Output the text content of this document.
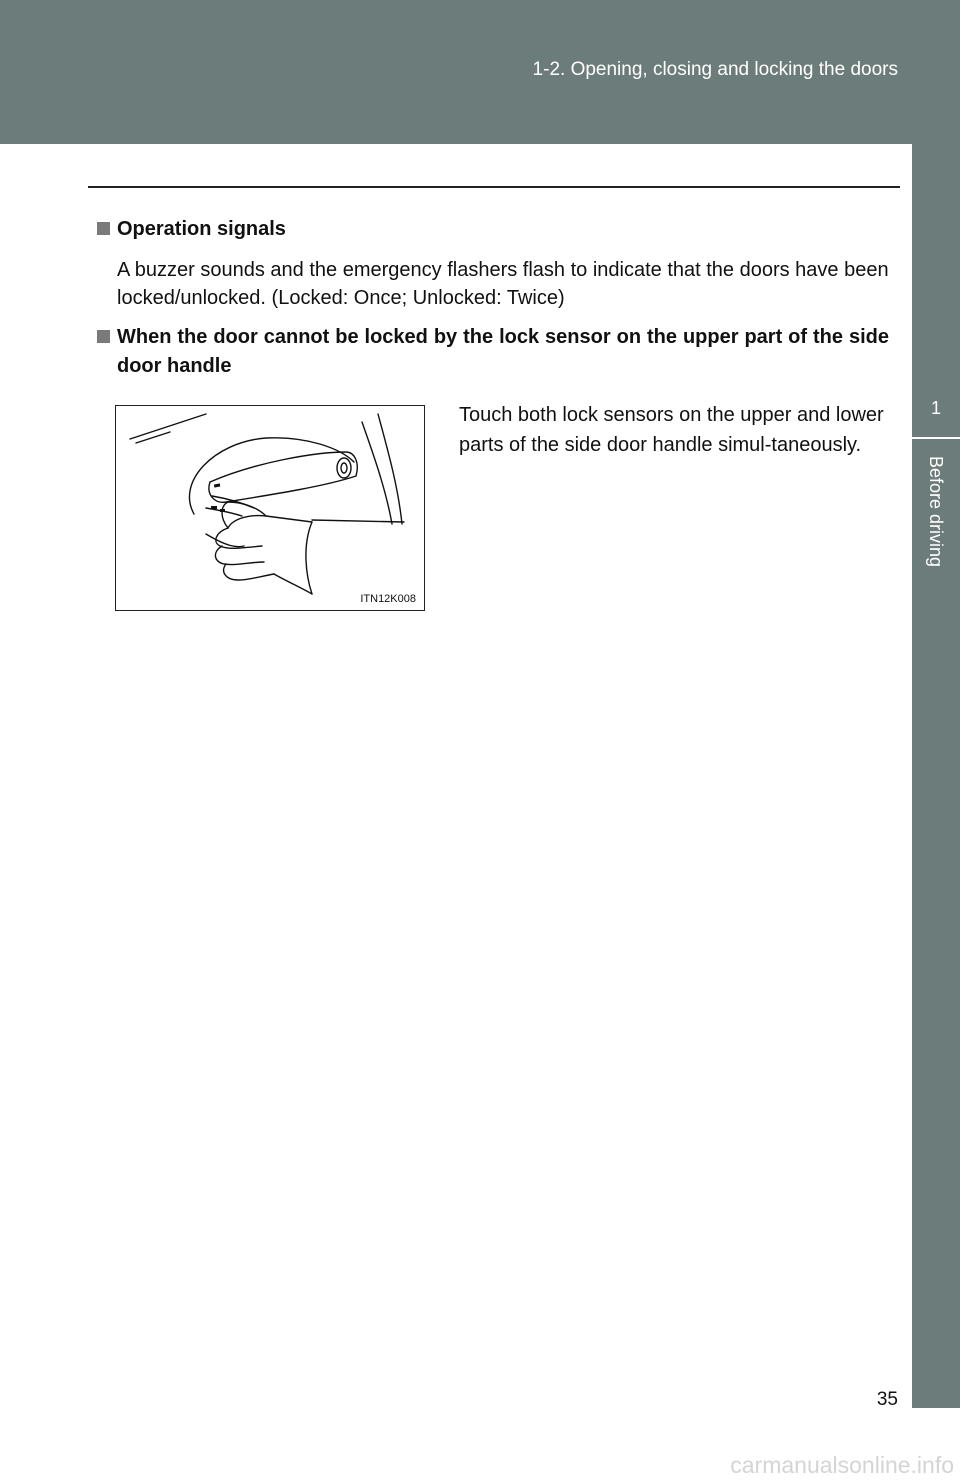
1-2. Opening, closing and locking the doors
1
Before driving
Operation signals
A buzzer sounds and the emergency flashers flash to indicate that the doors have been locked/unlocked. (Locked: Once; Unlocked: Twice)
When the door cannot be locked by the lock sensor on the upper part of the side door handle
ITN12K008
Touch both lock sensors on the upper and lower parts of the side door handle simul-taneously.
35
carmanualsonline.info
